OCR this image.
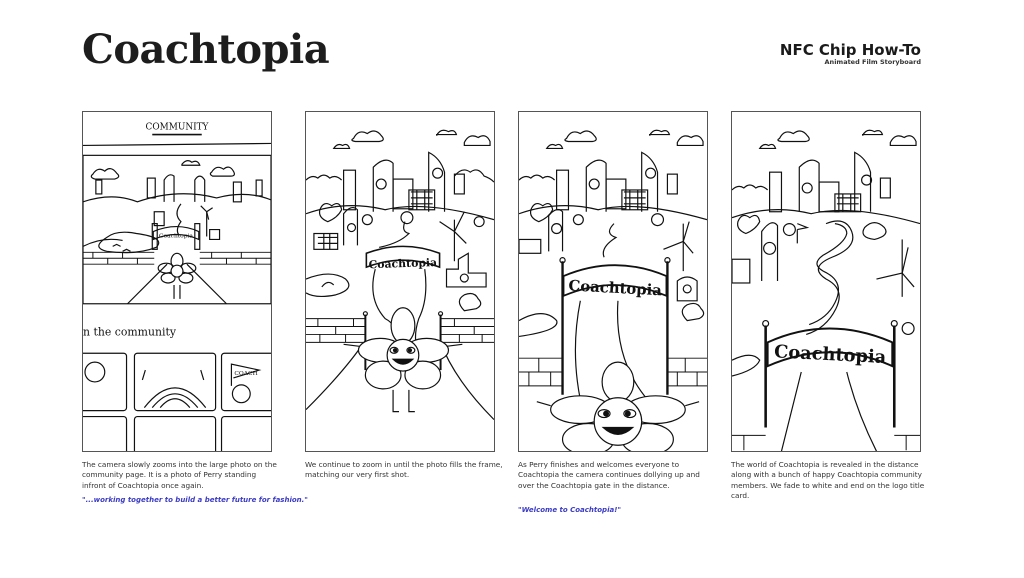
Coachtopia	NFC Chip How-To
Animated Film Storyboard
COMMUNITY
Coachtopia
n the community
COACH
The camera slowly zooms into the large photo on the community page. It is a photo of Perry standing infront of Coachtopia once again.
"...working together to build a better future for fashion."
Coachtopia
We continue to zoom in until the photo fills the frame, matching our very first shot.
Coachtopia
As Perry finishes and welcomes everyone to Coachtopia the camera continues dollying up and over the Coachtopia gate in the distance.
"Welcome to Coachtopia!"
Coachtopia
The world of Coachtopia is revealed in the distance along with a bunch of happy Coachtopia community members. We fade to white and end on the logo title card.
